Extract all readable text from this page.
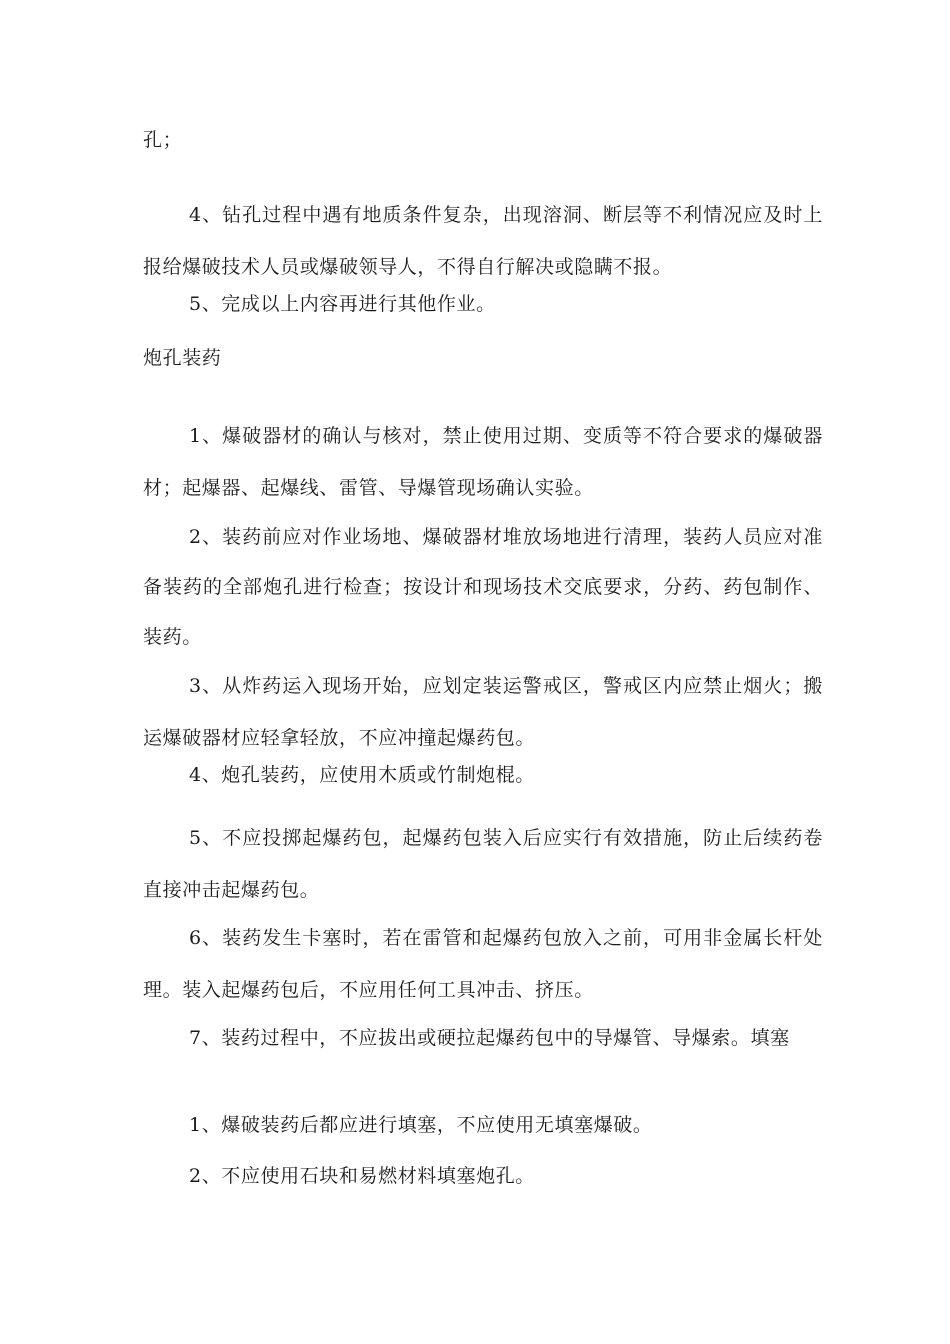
孔；

4、钻孔过程中遇有地质条件复杂，出现溶洞、断层等不利情况应及时上报给爆破技术人员或爆破领导人，不得自行解决或隐瞒不报。

5、完成以上内容再进行其他作业。

炮孔装药

1、爆破器材的确认与核对，禁止使用过期、变质等不符合要求的爆破器材；起爆器、起爆线、雷管、导爆管现场确认实验。

2、装药前应对作业场地、爆破器材堆放场地进行清理，装药人员应对准备装药的全部炮孔进行检查；按设计和现场技术交底要求，分药、药包制作、装药。

3、从炸药运入现场开始，应划定装运警戒区，警戒区内应禁止烟火；搬运爆破器材应轻拿轻放，不应冲撞起爆药包。

4、炮孔装药，应使用木质或竹制炮棍。

5、不应投掷起爆药包，起爆药包装入后应实行有效措施，防止后续药卷直接冲击起爆药包。

6、装药发生卡塞时，若在雷管和起爆药包放入之前，可用非金属长杆处理。装入起爆药包后，不应用任何工具冲击、挤压。

7、装药过程中，不应拔出或硬拉起爆药包中的导爆管、导爆索。填塞

1、爆破装药后都应进行填塞，不应使用无填塞爆破。

2、不应使用石块和易燃材料填塞炮孔。
